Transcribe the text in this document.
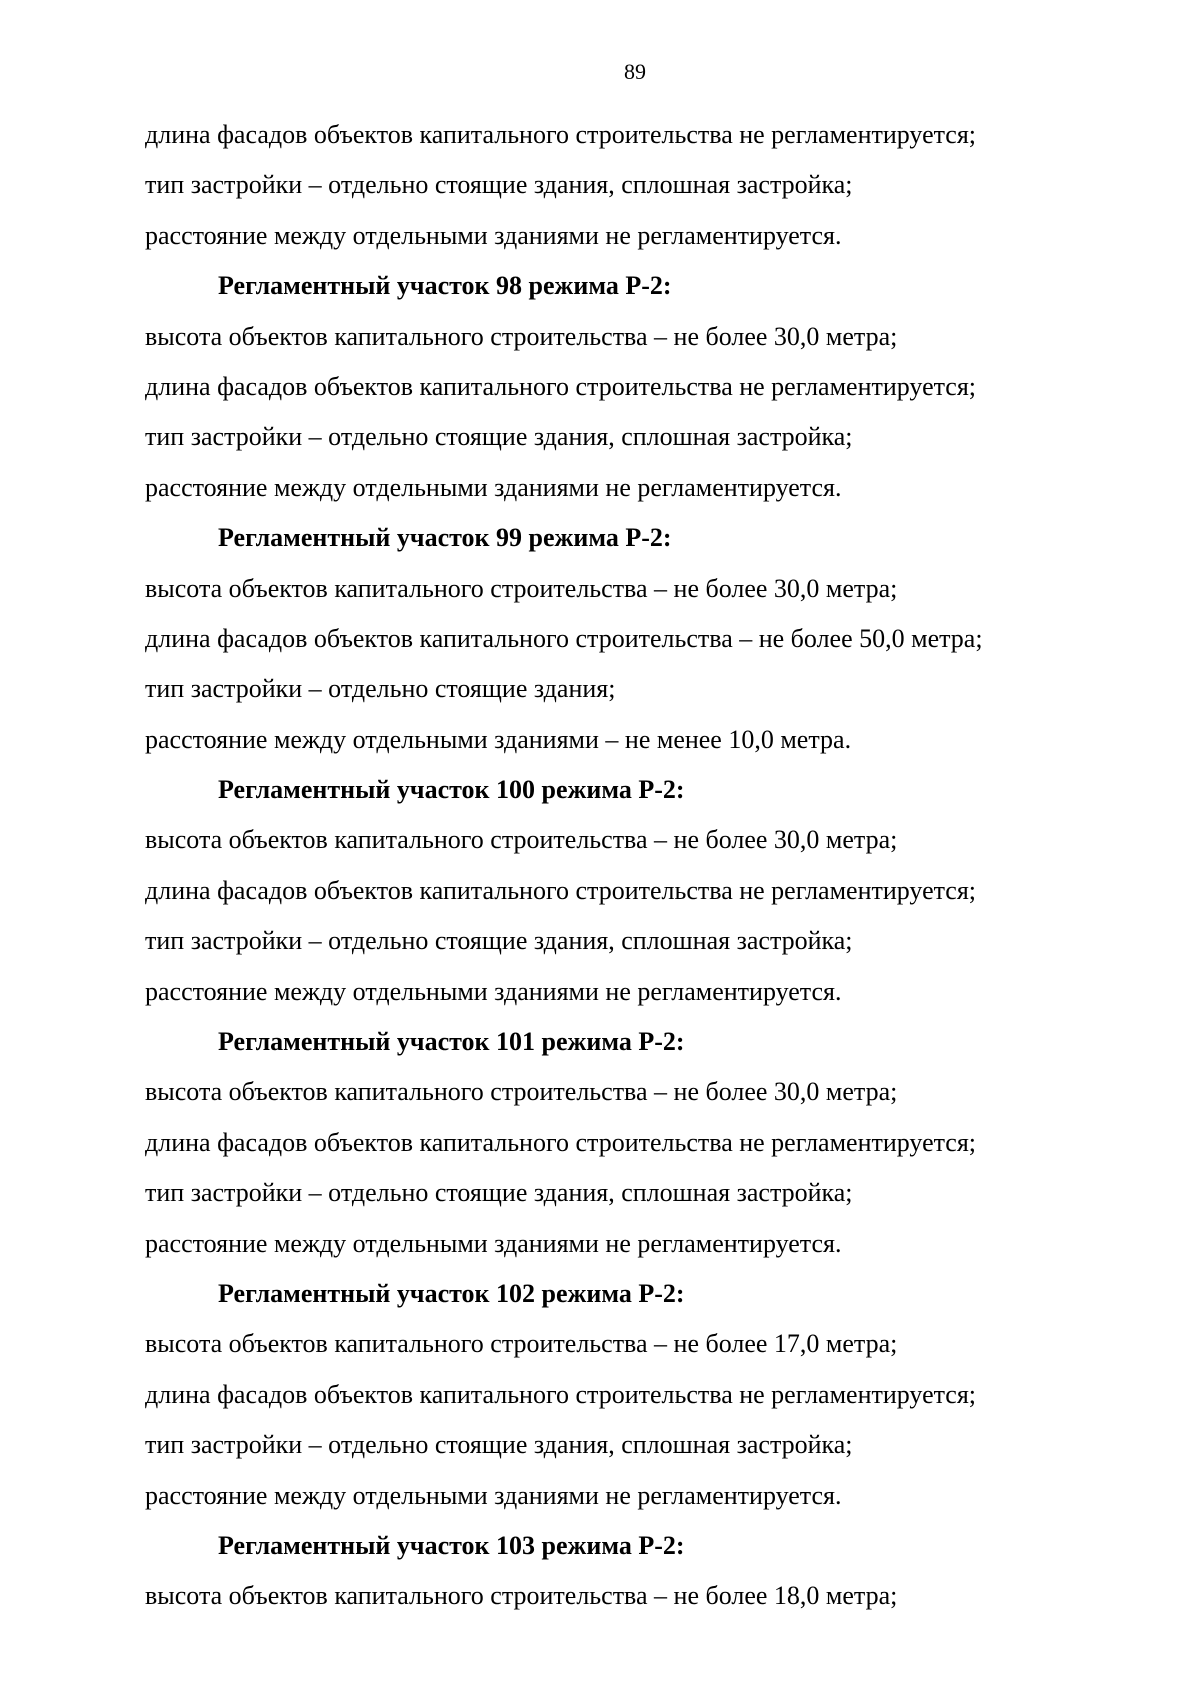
89
длина фасадов объектов капитального строительства не регламентируется;
тип застройки – отдельно стоящие здания, сплошная застройка;
расстояние между отдельными зданиями не регламентируется.
Регламентный участок 98 режима Р-2:
высота объектов капитального строительства – не более 30,0 метра;
длина фасадов объектов капитального строительства не регламентируется;
тип застройки – отдельно стоящие здания, сплошная застройка;
расстояние между отдельными зданиями не регламентируется.
Регламентный участок 99 режима Р-2:
высота объектов капитального строительства – не более 30,0 метра;
длина фасадов объектов капитального строительства – не более 50,0 метра;
тип застройки – отдельно стоящие здания;
расстояние между отдельными зданиями – не менее 10,0 метра.
Регламентный участок 100 режима Р-2:
высота объектов капитального строительства – не более 30,0 метра;
длина фасадов объектов капитального строительства не регламентируется;
тип застройки – отдельно стоящие здания, сплошная застройка;
расстояние между отдельными зданиями не регламентируется.
Регламентный участок 101 режима Р-2:
высота объектов капитального строительства – не более 30,0 метра;
длина фасадов объектов капитального строительства не регламентируется;
тип застройки – отдельно стоящие здания, сплошная застройка;
расстояние между отдельными зданиями не регламентируется.
Регламентный участок 102 режима Р-2:
высота объектов капитального строительства – не более 17,0 метра;
длина фасадов объектов капитального строительства не регламентируется;
тип застройки – отдельно стоящие здания, сплошная застройка;
расстояние между отдельными зданиями не регламентируется.
Регламентный участок 103 режима Р-2:
высота объектов капитального строительства – не более 18,0 метра;
